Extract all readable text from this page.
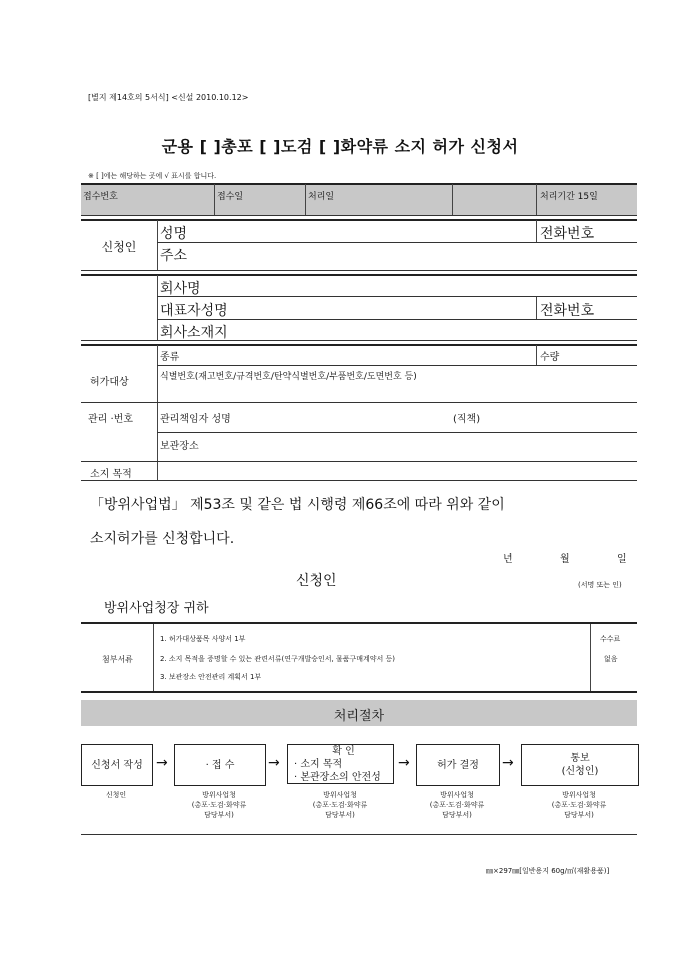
[별지 제14호의 5서식] <신설 2010.10.12>
군용 [ ]총포 [ ]도검 [ ]화약류 소지 허가 신청서
※ [ ]에는 해당하는 곳에 √ 표시를 합니다.
접수번호	접수일	처리일	처리기간 15일
신청인
성명	전화번호
주소
회사명
대표자성명	전화번호
회사소재지
허가대상
종류	수량
식별번호(재고번호/규격번호/탄약식별번호/부품번호/도면번호 등)
관리 ·번호	관리책임자 성명	(직책)
보관장소
소지 목적
「방위사업법」 제53조 및 같은 법 시행령 제66조에 따라 위와 같이
소지허가를 신청합니다.
년	월	일
신청인	(서명 또는 인)
방위사업청장 귀하
첨부서류
1. 허가대상품목 사양서 1부
2. 소지 목적을 증명할 수 있는 관련서류(연구개발승인서, 물품구매계약서 등)
3. 보관장소 안전관리 계획서 1부
수수료
없음
처리절차
신청서 작성	· 접 수
확 인
· 소지 목적
· 본관장소의 안전성
허가 결정
통보
(신청인)
→	→	→	→
신청인	방위사업청
(총포·도검·화약류
담당부서)
방위사업청
(총포·도검·화약류
담당부서)
방위사업청
(총포·도검·화약류
담당부서)
방위사업청
(총포·도검·화약류
담당부서)
㎜×297㎜[일반용지 60g/㎡(재활용품)]
